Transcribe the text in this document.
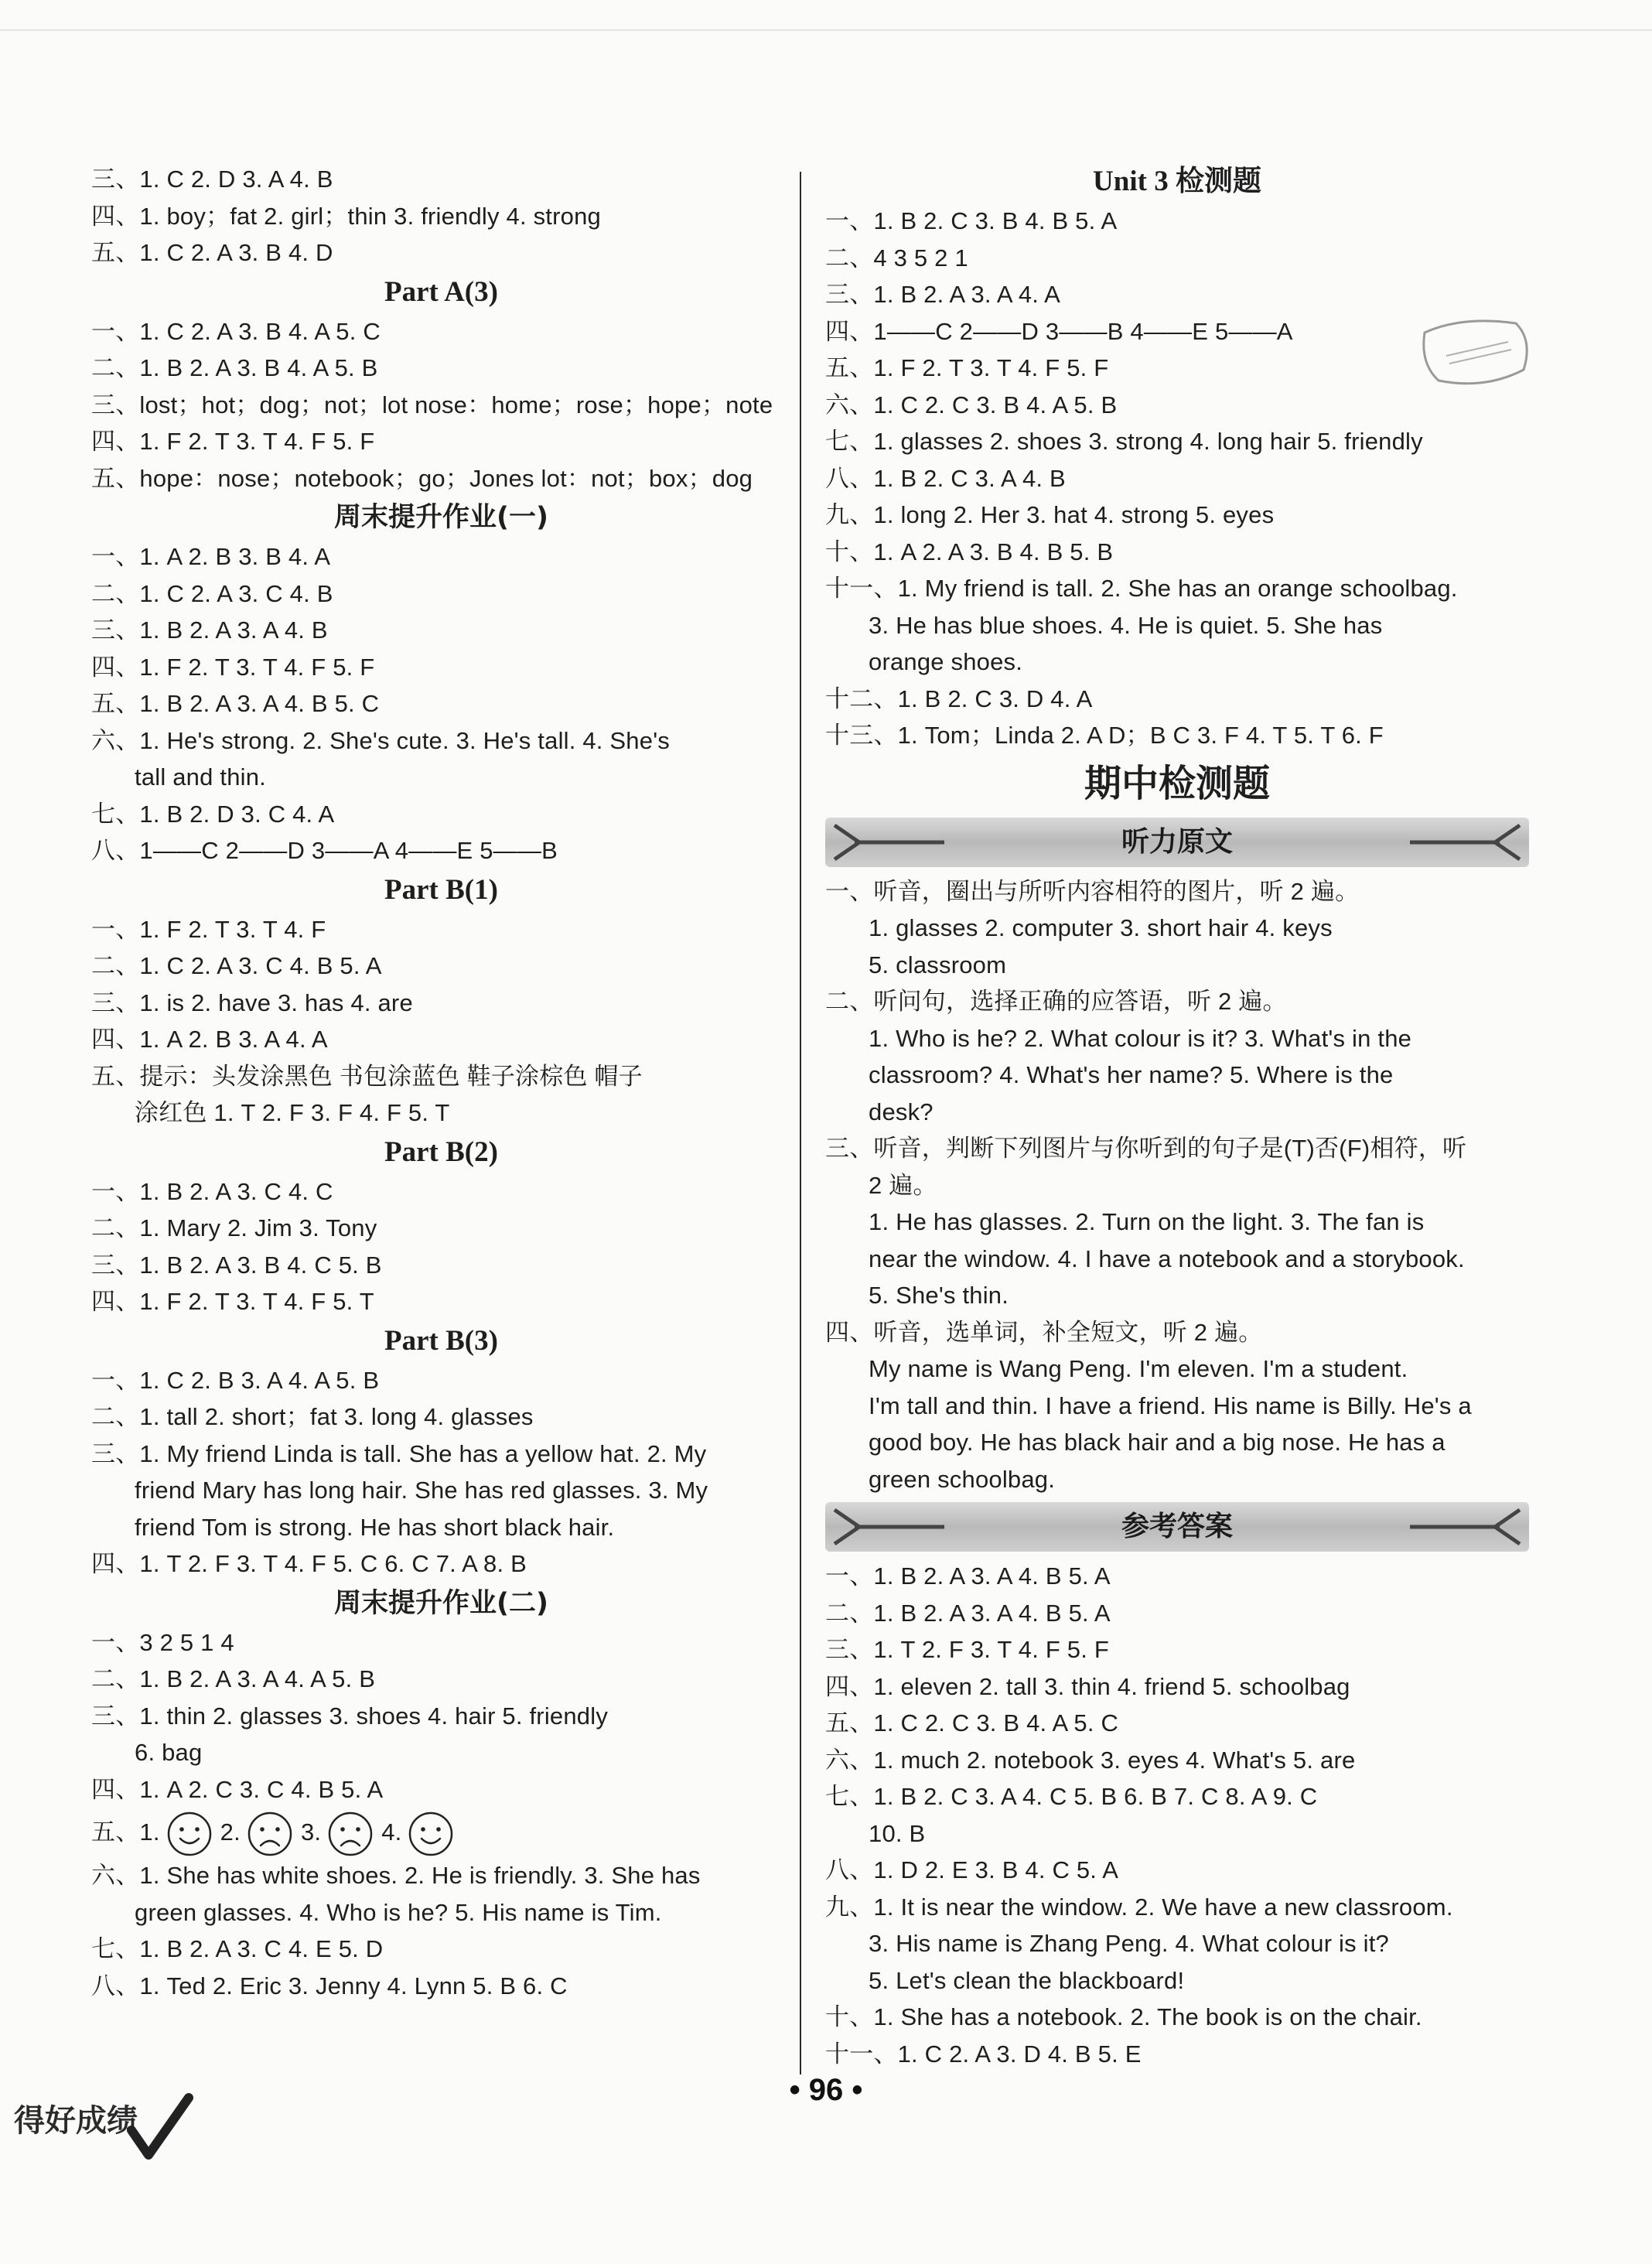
三、1. C 2. D 3. A 4. B
四、1. boy；fat 2. girl；thin 3. friendly 4. strong
五、1. C 2. A 3. B 4. D
Part A(3)
一、1. C 2. A 3. B 4. A 5. C
二、1. B 2. A 3. B 4. A 5. B
三、lost；hot；dog；not；lot nose：home；rose；hope；note
四、1. F 2. T 3. T 4. F 5. F
五、hope：nose；notebook；go；Jones lot：not；box；dog
周末提升作业(一)
一、1. A 2. B 3. B 4. A
二、1. C 2. A 3. C 4. B
三、1. B 2. A 3. A 4. B
四、1. F 2. T 3. T 4. F 5. F
五、1. B 2. A 3. A 4. B 5. C
六、1. He's strong. 2. She's cute. 3. He's tall. 4. She's
tall and thin.
七、1. B 2. D 3. C 4. A
八、1——C 2——D 3——A 4——E 5——B
Part B(1)
一、1. F 2. T 3. T 4. F
二、1. C 2. A 3. C 4. B 5. A
三、1. is 2. have 3. has 4. are
四、1. A 2. B 3. A 4. A
五、提示：头发涂黑色 书包涂蓝色 鞋子涂棕色 帽子
涂红色 1. T 2. F 3. F 4. F 5. T
Part B(2)
一、1. B 2. A 3. C 4. C
二、1. Mary 2. Jim 3. Tony
三、1. B 2. A 3. B 4. C 5. B
四、1. F 2. T 3. T 4. F 5. T
Part B(3)
一、1. C 2. B 3. A 4. A 5. B
二、1. tall 2. short；fat 3. long 4. glasses
三、1. My friend Linda is tall. She has a yellow hat. 2. My
friend Mary has long hair. She has red glasses. 3. My
friend Tom is strong. He has short black hair.
四、1. T 2. F 3. T 4. F 5. C 6. C 7. A 8. B
周末提升作业(二)
一、3 2 5 1 4
二、1. B 2. A 3. A 4. A 5. B
三、1. thin 2. glasses 3. shoes 4. hair 5. friendly
6. bag
四、1. A 2. C 3. C 4. B 5. A
五、1.	2.	3.	4.
六、1. She has white shoes. 2. He is friendly. 3. She has
green glasses. 4. Who is he? 5. His name is Tim.
七、1. B 2. A 3. C 4. E 5. D
八、1. Ted 2. Eric 3. Jenny 4. Lynn 5. B 6. C
Unit 3 检测题
一、1. B 2. C 3. B 4. B 5. A
二、4 3 5 2 1
三、1. B 2. A 3. A 4. A
四、1——C 2——D 3——B 4——E 5——A
五、1. F 2. T 3. T 4. F 5. F
六、1. C 2. C 3. B 4. A 5. B
七、1. glasses 2. shoes 3. strong 4. long hair 5. friendly
八、1. B 2. C 3. A 4. B
九、1. long 2. Her 3. hat 4. strong 5. eyes
十、1. A 2. A 3. B 4. B 5. B
十一、1. My friend is tall. 2. She has an orange schoolbag.
3. He has blue shoes. 4. He is quiet. 5. She has
orange shoes.
十二、1. B 2. C 3. D 4. A
十三、1. Tom；Linda 2. A D；B C 3. F 4. T 5. T 6. F
期中检测题
听力原文
一、听音，圈出与所听内容相符的图片，听 2 遍。
1. glasses 2. computer 3. short hair 4. keys
5. classroom
二、听问句，选择正确的应答语，听 2 遍。
1. Who is he? 2. What colour is it? 3. What's in the
classroom? 4. What's her name? 5. Where is the
desk?
三、听音，判断下列图片与你听到的句子是(T)否(F)相符，听
2 遍。
1. He has glasses. 2. Turn on the light. 3. The fan is
near the window. 4. I have a notebook and a storybook.
5. She's thin.
四、听音，选单词，补全短文，听 2 遍。
My name is Wang Peng. I'm eleven. I'm a student.
I'm tall and thin. I have a friend. His name is Billy. He's a
good boy. He has black hair and a big nose. He has a
green schoolbag.
参考答案
一、1. B 2. A 3. A 4. B 5. A
二、1. B 2. A 3. A 4. B 5. A
三、1. T 2. F 3. T 4. F 5. F
四、1. eleven 2. tall 3. thin 4. friend 5. schoolbag
五、1. C 2. C 3. B 4. A 5. C
六、1. much 2. notebook 3. eyes 4. What's 5. are
七、1. B 2. C 3. A 4. C 5. B 6. B 7. C 8. A 9. C
10. B
八、1. D 2. E 3. B 4. C 5. A
九、1. It is near the window. 2. We have a new classroom.
3. His name is Zhang Peng. 4. What colour is it?
5. Let's clean the blackboard!
十、1. She has a notebook. 2. The book is on the chair.
十一、1. C 2. A 3. D 4. B 5. E
得好成绩
• 96 •
